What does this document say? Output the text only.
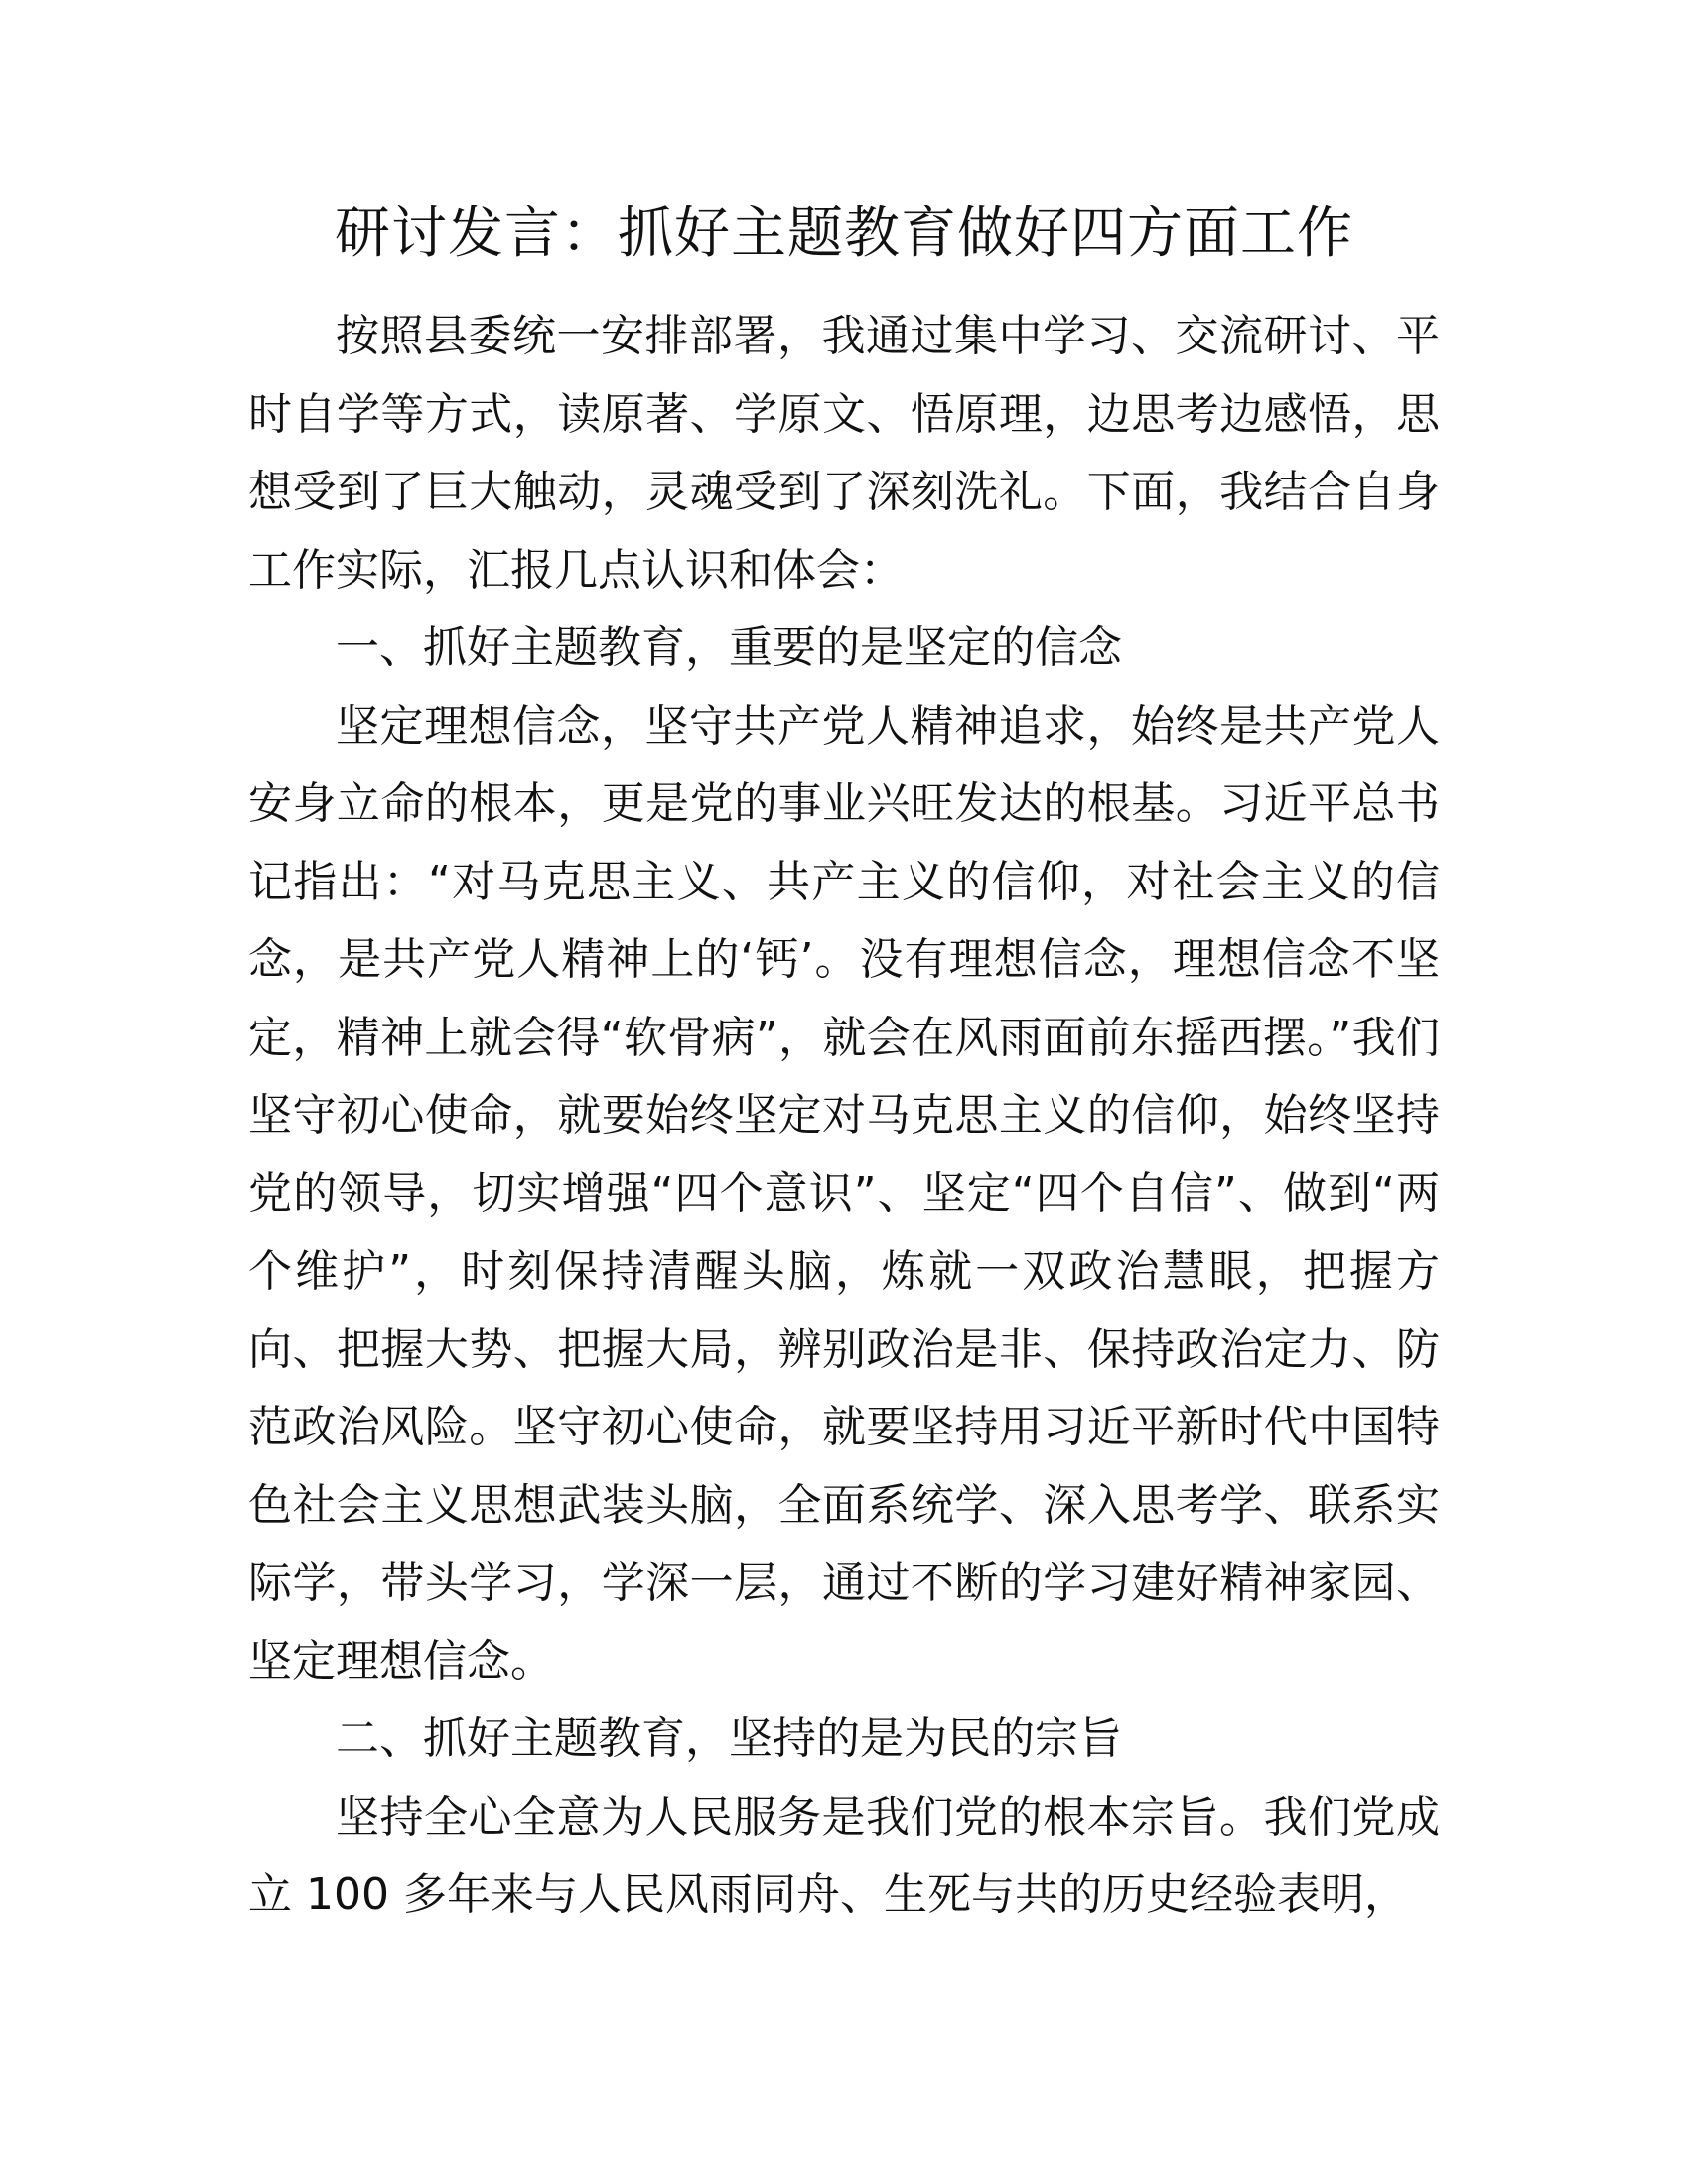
研讨发言：抓好主题教育做好四方面工作

按照县委统一安排部署，我通过集中学习、交流研讨、平时自学等方式，读原著、学原文、悟原理，边思考边感悟，思想受到了巨大触动，灵魂受到了深刻洗礼。下面，我结合自身工作实际，汇报几点认识和体会：

一、抓好主题教育，重要的是坚定的信念

坚定理想信念，坚守共产党人精神追求，始终是共产党人安身立命的根本，更是党的事业兴旺发达的根基。习近平总书记指出：“对马克思主义、共产主义的信仰，对社会主义的信念，是共产党人精神上的‘钙’。没有理想信念，理想信念不坚定，精神上就会得“软骨病”，就会在风雨面前东摇西摆。”我们坚守初心使命，就要始终坚定对马克思主义的信仰，始终坚持党的领导，切实增强“四个意识”、坚定“四个自信”、做到“两个维护”，时刻保持清醒头脑，炼就一双政治慧眼，把握方向、把握大势、把握大局，辨别政治是非、保持政治定力、防范政治风险。坚守初心使命，就要坚持用习近平新时代中国特色社会主义思想武装头脑，全面系统学、深入思考学、联系实际学，带头学习，学深一层，通过不断的学习建好精神家园、坚定理想信念。

二、抓好主题教育，坚持的是为民的宗旨

坚持全心全意为人民服务是我们党的根本宗旨。我们党成立 100 多年来与人民风雨同舟、生死与共的历史经验表明，
